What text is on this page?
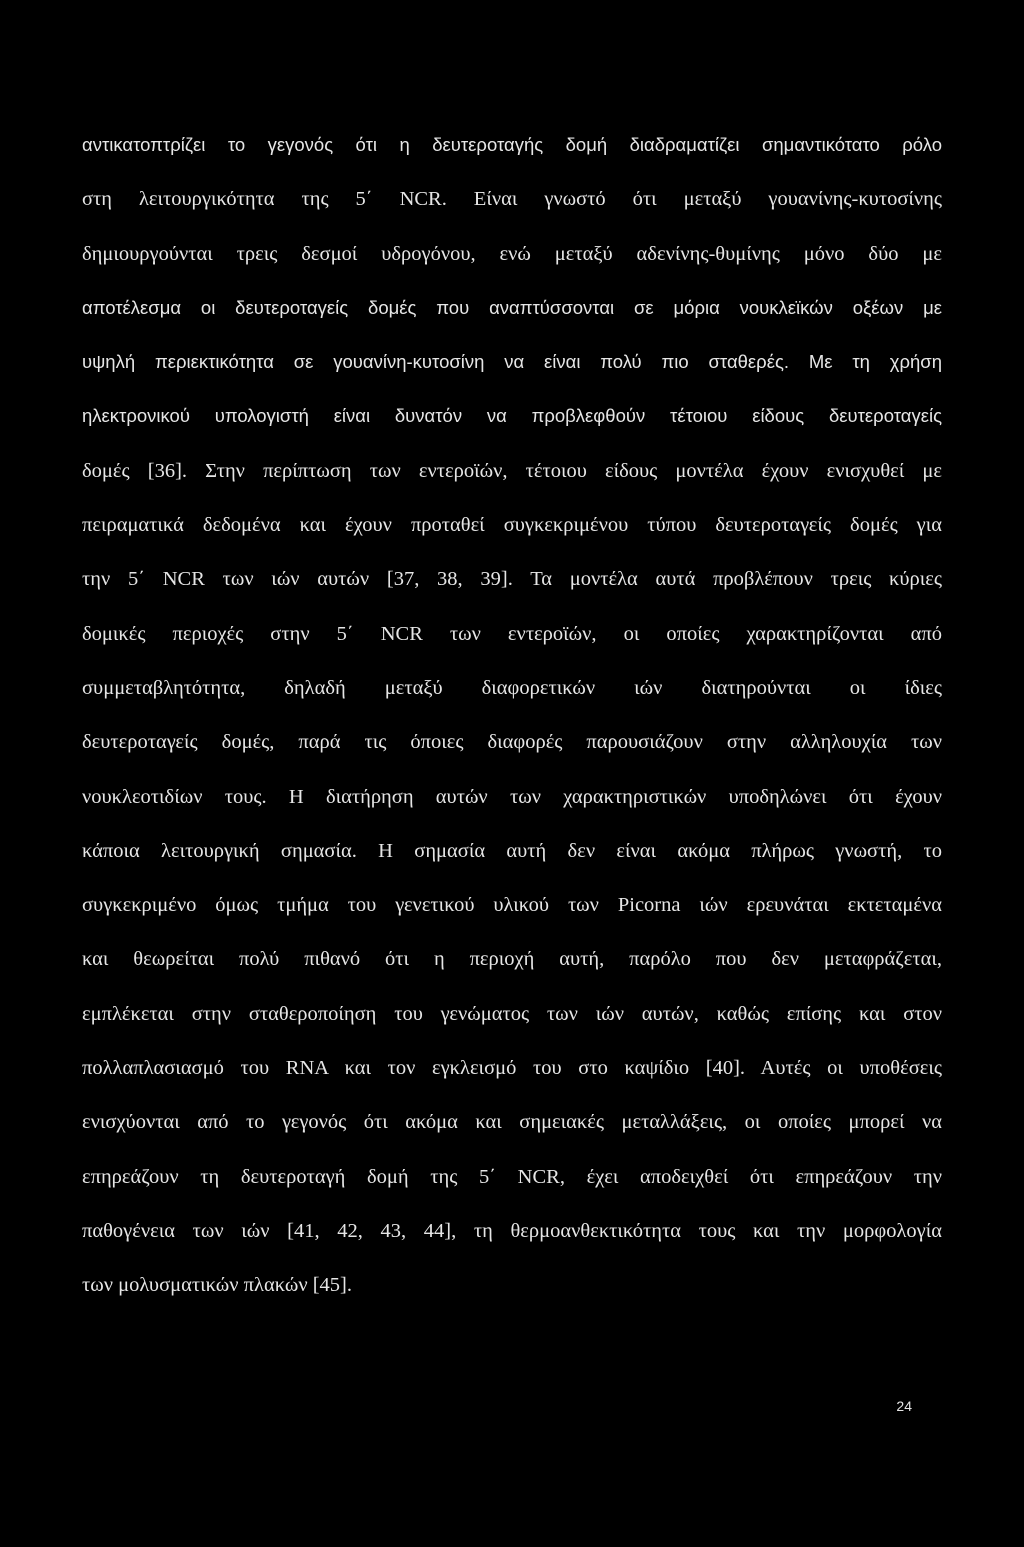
αντικατοπτρίζει το γεγονός ότι η δευτεροταγής δομή διαδραματίζει σημαντικότατο ρόλο
στη λειτουργικότητα της 5΄ NCR. Είναι γνωστό ότι μεταξύ γουανίνης-κυτοσίνης
δημιουργούνται τρεις δεσμοί υδρογόνου, ενώ μεταξύ αδενίνης-θυμίνης μόνο δύο με
αποτέλεσμα οι δευτεροταγείς δομές που αναπτύσσονται σε μόρια νουκλεϊκών οξέων με
υψηλή περιεκτικότητα σε γουανίνη-κυτοσίνη να είναι πολύ πιο σταθερές. Με τη χρήση
ηλεκτρονικού υπολογιστή είναι δυνατόν να προβλεφθούν τέτοιου είδους δευτεροταγείς
δομές [36]. Στην περίπτωση των εντεροϊών, τέτοιου είδους μοντέλα έχουν ενισχυθεί με
πειραματικά δεδομένα και έχουν προταθεί συγκεκριμένου τύπου δευτεροταγείς δομές για
την 5΄ NCR των ιών αυτών [37, 38, 39]. Τα μοντέλα αυτά προβλέπουν τρεις κύριες
δομικές περιοχές στην 5΄ NCR των εντεροϊών, οι οποίες χαρακτηρίζονται από
συμμεταβλητότητα, δηλαδή μεταξύ διαφορετικών ιών διατηρούνται οι ίδιες
δευτεροταγείς δομές, παρά τις όποιες διαφορές παρουσιάζουν στην αλληλουχία των
νουκλεοτιδίων τους. Η διατήρηση αυτών των χαρακτηριστικών υποδηλώνει ότι έχουν
κάποια λειτουργική σημασία. Η σημασία αυτή δεν είναι ακόμα πλήρως γνωστή, το
συγκεκριμένο όμως τμήμα του γενετικού υλικού των Picorna ιών ερευνάται εκτεταμένα
και θεωρείται πολύ πιθανό ότι η περιοχή αυτή, παρόλο που δεν μεταφράζεται,
εμπλέκεται στην σταθεροποίηση του γενώματος των ιών αυτών, καθώς επίσης και στον
πολλαπλασιασμό του RNA και τον εγκλεισμό του στο καψίδιο [40]. Αυτές οι υποθέσεις
ενισχύονται από το γεγονός ότι ακόμα και σημειακές μεταλλάξεις, οι οποίες μπορεί να
επηρεάζουν τη δευτεροταγή δομή της 5΄ NCR, έχει αποδειχθεί ότι επηρεάζουν την
παθογένεια των ιών [41, 42, 43, 44], τη θερμοανθεκτικότητα τους και την μορφολογία
των μολυσματικών πλακών [45].
24
